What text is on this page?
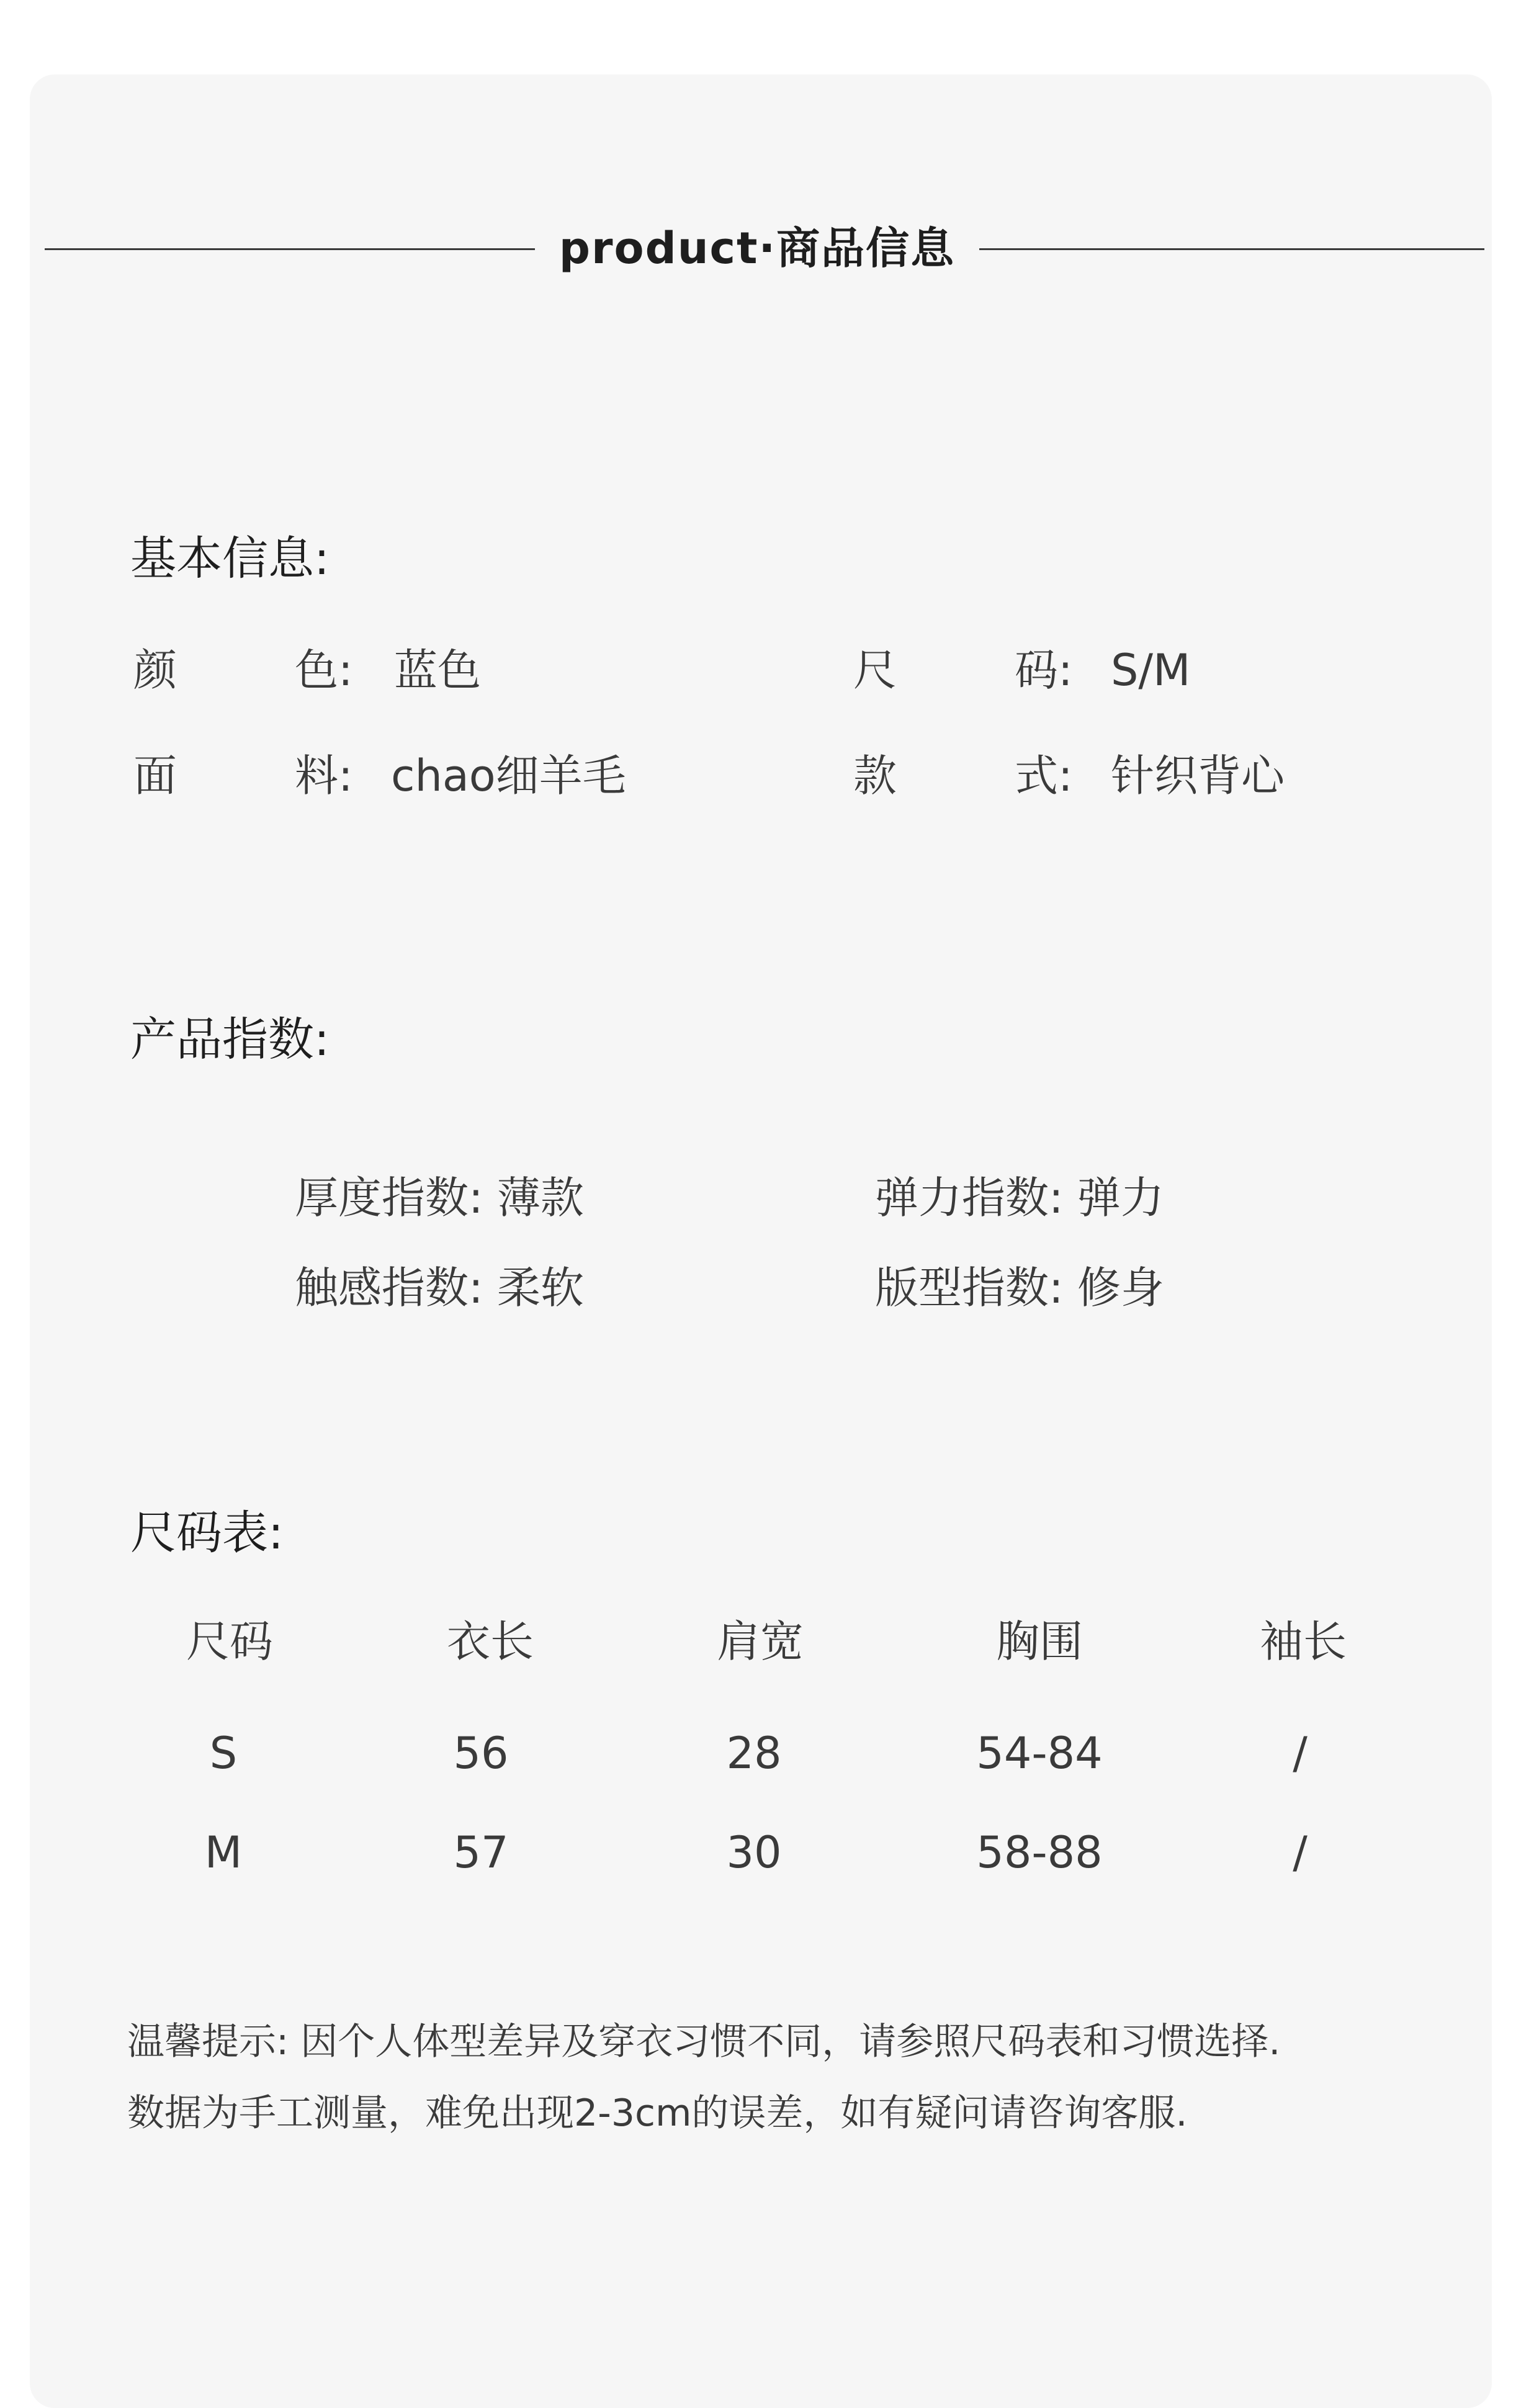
product·商品信息
基本信息:
颜	色: 蓝色	尺	码: S/M
面	料: chao细羊毛	款	式: 针织背心
产品指数:
厚度指数: 薄款	弹力指数: 弹力
触感指数: 柔软	版型指数: 修身
尺码表:
尺码	衣长	肩宽	胸围	袖长
S	56	28	54-84	/
M	57	30	58-88	/
温馨提示: 因个人体型差异及穿衣习惯不同，请参照尺码表和习惯选择.
数据为手工测量，难免出现2-3cm的误差，如有疑问请咨询客服.
